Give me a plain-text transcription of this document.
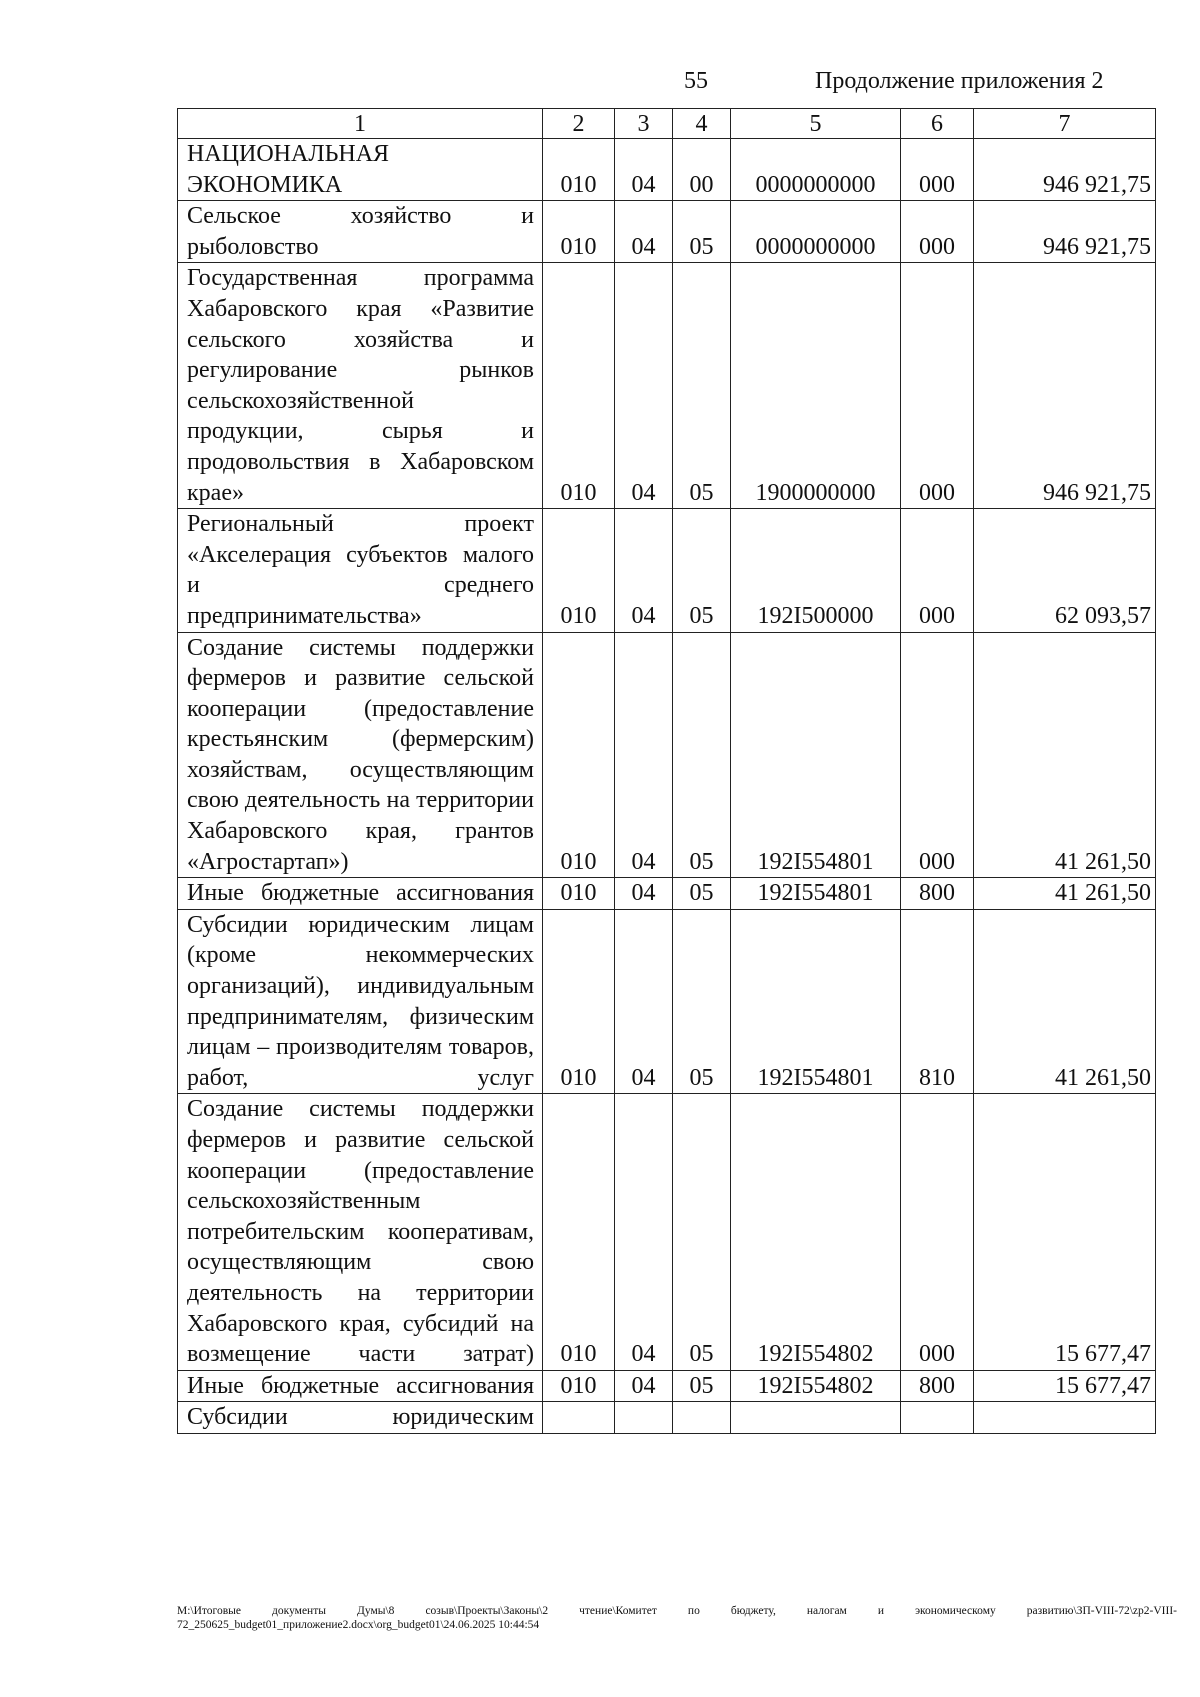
55	Продолжение приложения 2
1	2	3	4	5	6	7
НАЦИОНАЛЬНАЯ ЭКОНОМИКА	010	04	00	0000000000	000	946 921,75
Сельское хозяйство и рыболовство	010	04	05	0000000000	000	946 921,75
Государственная программа Хабаровского края «Развитие сельского хозяйства и регулирование рынков сельскохозяйственной продукции, сырья и продовольствия в Хабаровском крае»	010	04	05	1900000000	000	946 921,75
Региональный проект «Акселерация субъектов малого и среднего предпринимательства»	010	04	05	192I500000	000	62 093,57
Создание системы поддержки фермеров и развитие сельской кооперации (предоставление крестьянским (фермерским) хозяйствам, осуществляющим свою деятельность на территории Хабаровского края, грантов «Агростартап»)	010	04	05	192I554801	000	41 261,50
Иные бюджетные ассигнования	010	04	05	192I554801	800	41 261,50
Субсидии юридическим лицам (кроме некоммерческих организаций), индивидуальным предпринимателям, физическим лицам – производителям товаров, работ, услуг	010	04	05	192I554801	810	41 261,50
Создание системы поддержки фермеров и развитие сельской кооперации (предоставление сельскохозяйственным потребительским кооперативам, осуществляющим свою деятельность на территории Хабаровского края, субсидий на возмещение части затрат)	010	04	05	192I554802	000	15 677,47
Иные бюджетные ассигнования	010	04	05	192I554802	800	15 677,47
Субсидии юридическим						
M:\Итоговые документы Думы\8 созыв\Проекты\Законы\2 чтение\Комитет по бюджету, налогам и экономическому развитию\ЗП-VIII-72\zp2-VIII-72_250625_budget01_приложение2.docx\org_budget01\24.06.2025 10:44:54
